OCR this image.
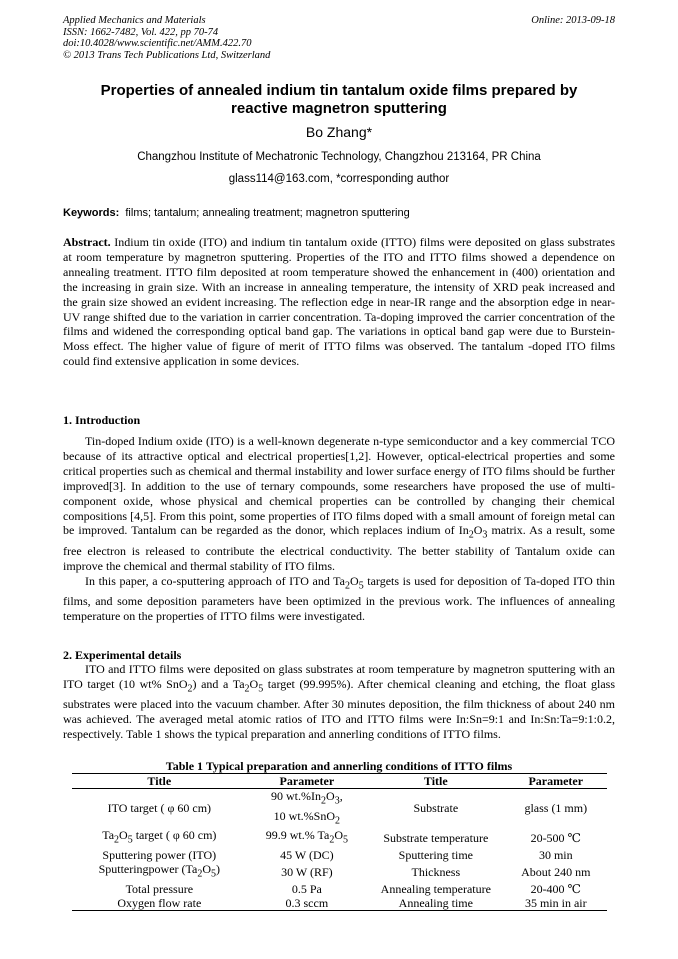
Applied Mechanics and Materials
ISSN: 1662-7482, Vol. 422, pp 70-74
doi:10.4028/www.scientific.net/AMM.422.70
© 2013 Trans Tech Publications Ltd, Switzerland
Online: 2013-09-18
Properties of annealed indium tin tantalum oxide films prepared by
reactive magnetron sputtering
Bo Zhang*
Changzhou Institute of Mechatronic Technology, Changzhou 213164, PR China
glass114@163.com, *corresponding author
Keywords: films; tantalum; annealing treatment; magnetron sputtering

Abstract. Indium tin oxide (ITO) and indium tin tantalum oxide (ITTO) films were deposited on glass substrates at room temperature by magnetron sputtering. Properties of the ITO and ITTO films showed a dependence on annealing treatment. ITTO film deposited at room temperature showed the enhancement in (400) orientation and the increasing in grain size. With an increase in annealing temperature, the intensity of XRD peak increased and the grain size showed an evident increasing. The reflection edge in near-IR range and the absorption edge in near-UV range shifted due to the variation in carrier concentration. Ta-doping improved the carrier concentration of the films and widened the corresponding optical band gap. The variations in optical band gap were due to Burstein-Moss effect. The higher value of figure of merit of ITTO films was observed. The tantalum -doped ITO films could find extensive application in some devices.

1. Introduction

Tin-doped Indium oxide (ITO) is a well-known degenerate n-type semiconductor and a key commercial TCO because of its attractive optical and electrical properties[1,2]. However, optical-electrical properties and some critical properties such as chemical and thermal instability and lower surface energy of ITO films should be further improved[3]. In addition to the use of ternary compounds, some researchers have proposed the use of multi-component oxide, whose physical and chemical properties can be controlled by changing their chemical compositions [4,5]. From this point, some properties of ITO films doped with a small amount of foreign metal can be improved. Tantalum can be regarded as the donor, which replaces indium of $In_2O_3$ matrix. As a result, some free electron is released to contribute the electrical conductivity. The better stability of Tantalum oxide can improve the chemical and thermal stability of ITO films.

In this paper, a co-sputtering approach of ITO and $Ta_2O_5$ targets is used for deposition of Ta-doped ITO thin films, and some deposition parameters have been optimized in the previous work. The influences of annealing temperature on the properties of ITTO films were investigated.

2. Experimental details

ITO and ITTO films were deposited on glass substrates at room temperature by magnetron sputtering with an ITO target (10 wt% SnO$_2$) and a $Ta_2O_5$ target (99.995%). After chemical cleaning and etching, the float glass substrates were placed into the vacuum chamber. After 30 minutes deposition, the film thickness of about 240 nm was achieved. The averaged metal atomic ratios of ITO and ITTO films were In:Sn=9:1 and In:Sn:Ta=9:1:0.2, respectively. Table 1 shows the typical preparation and annerling conditions of ITTO films.

Table 1 Typical preparation and annerling conditions of ITTO films
Title	Parameter	Title	Parameter
ITO target ( φ 60 cm)	90 $wt.\%In_2O_3$,
10 wt.%SnO$_2$	Substrate	glass (1 mm)
$Ta_2O_5$ target ( φ 60 cm)	99.9 wt.% $Ta_2O_5$	Substrate temperature	20-500 ℃
Sputtering power (ITO)	45 W (DC)	Sputtering time	30 min
Sputteringpower $(Ta_2O_5)$	30 W (RF)	Thickness	About 240 nm
Total pressure	0.5 Pa	Annealing temperature	20-400 ℃
Oxygen flow rate	0.3 sccm	Annealing time	35 min in air
